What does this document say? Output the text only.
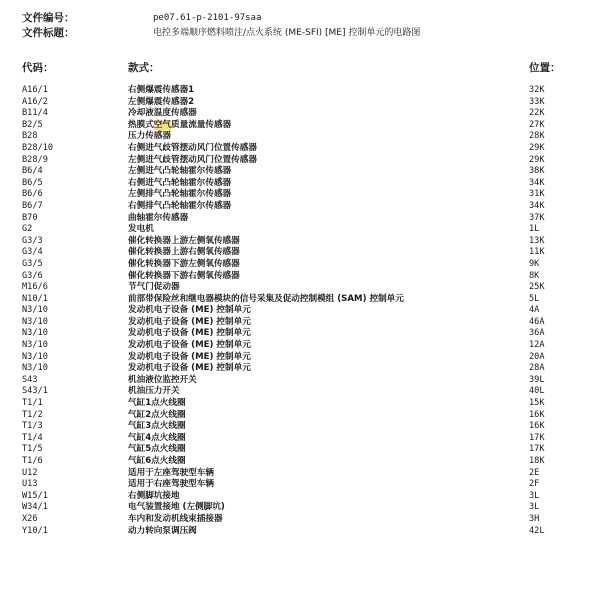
文件编号：	pe07.61-p-2101-97saa
文件标题：	电控多端顺序燃料喷注/点火系统 (ME-SFI) [ME] 控制单元的电路图
代码：	款式：	位置：
A16/1	右侧爆震传感器1	32K
A16/2	左侧爆震传感器2	33K
B11/4	冷却液温度传感器	22K
B2/5	热膜式空气质量流量传感器	27K
B28	压力传感器	28K
B28/10	右侧进气歧管摆动风门位置传感器	29K
B28/9	左侧进气歧管摆动风门位置传感器	29K
B6/4	左侧进气凸轮轴霍尔传感器	38K
B6/5	右侧进气凸轮轴霍尔传感器	34K
B6/6	左侧排气凸轮轴霍尔传感器	31K
B6/7	右侧排气凸轮轴霍尔传感器	34K
B70	曲轴霍尔传感器	37K
G2	发电机	1L
G3/3	催化转换器上游左侧氧传感器	13K
G3/4	催化转换器上游右侧氧传感器	11K
G3/5	催化转换器下游左侧氧传感器	9K
G3/6	催化转换器下游右侧氧传感器	8K
M16/6	节气门促动器	25K
N10/1	前部带保险丝和继电器模块的信号采集及促动控制模组 (SAM) 控制单元	5L
N3/10	发动机电子设备 (ME) 控制单元	4A
N3/10	发动机电子设备 (ME) 控制单元	46A
N3/10	发动机电子设备 (ME) 控制单元	36A
N3/10	发动机电子设备 (ME) 控制单元	12A
N3/10	发动机电子设备 (ME) 控制单元	20A
N3/10	发动机电子设备 (ME) 控制单元	28A
S43	机油液位监控开关	39L
S43/1	机油压力开关	40L
T1/1	气缸1点火线圈	15K
T1/2	气缸2点火线圈	16K
T1/3	气缸3点火线圈	16K
T1/4	气缸4点火线圈	17K
T1/5	气缸5点火线圈	17K
T1/6	气缸6点火线圈	18K
U12	适用于左座驾驶型车辆	2E
U13	适用于右座驾驶型车辆	2F
W15/1	右侧脚坑接地	3L
W34/1	电气装置接地 (左侧脚坑)	3L
X26	车内和发动机线束插接器	3H
Y10/1	动力转向泵调压阀	42L
